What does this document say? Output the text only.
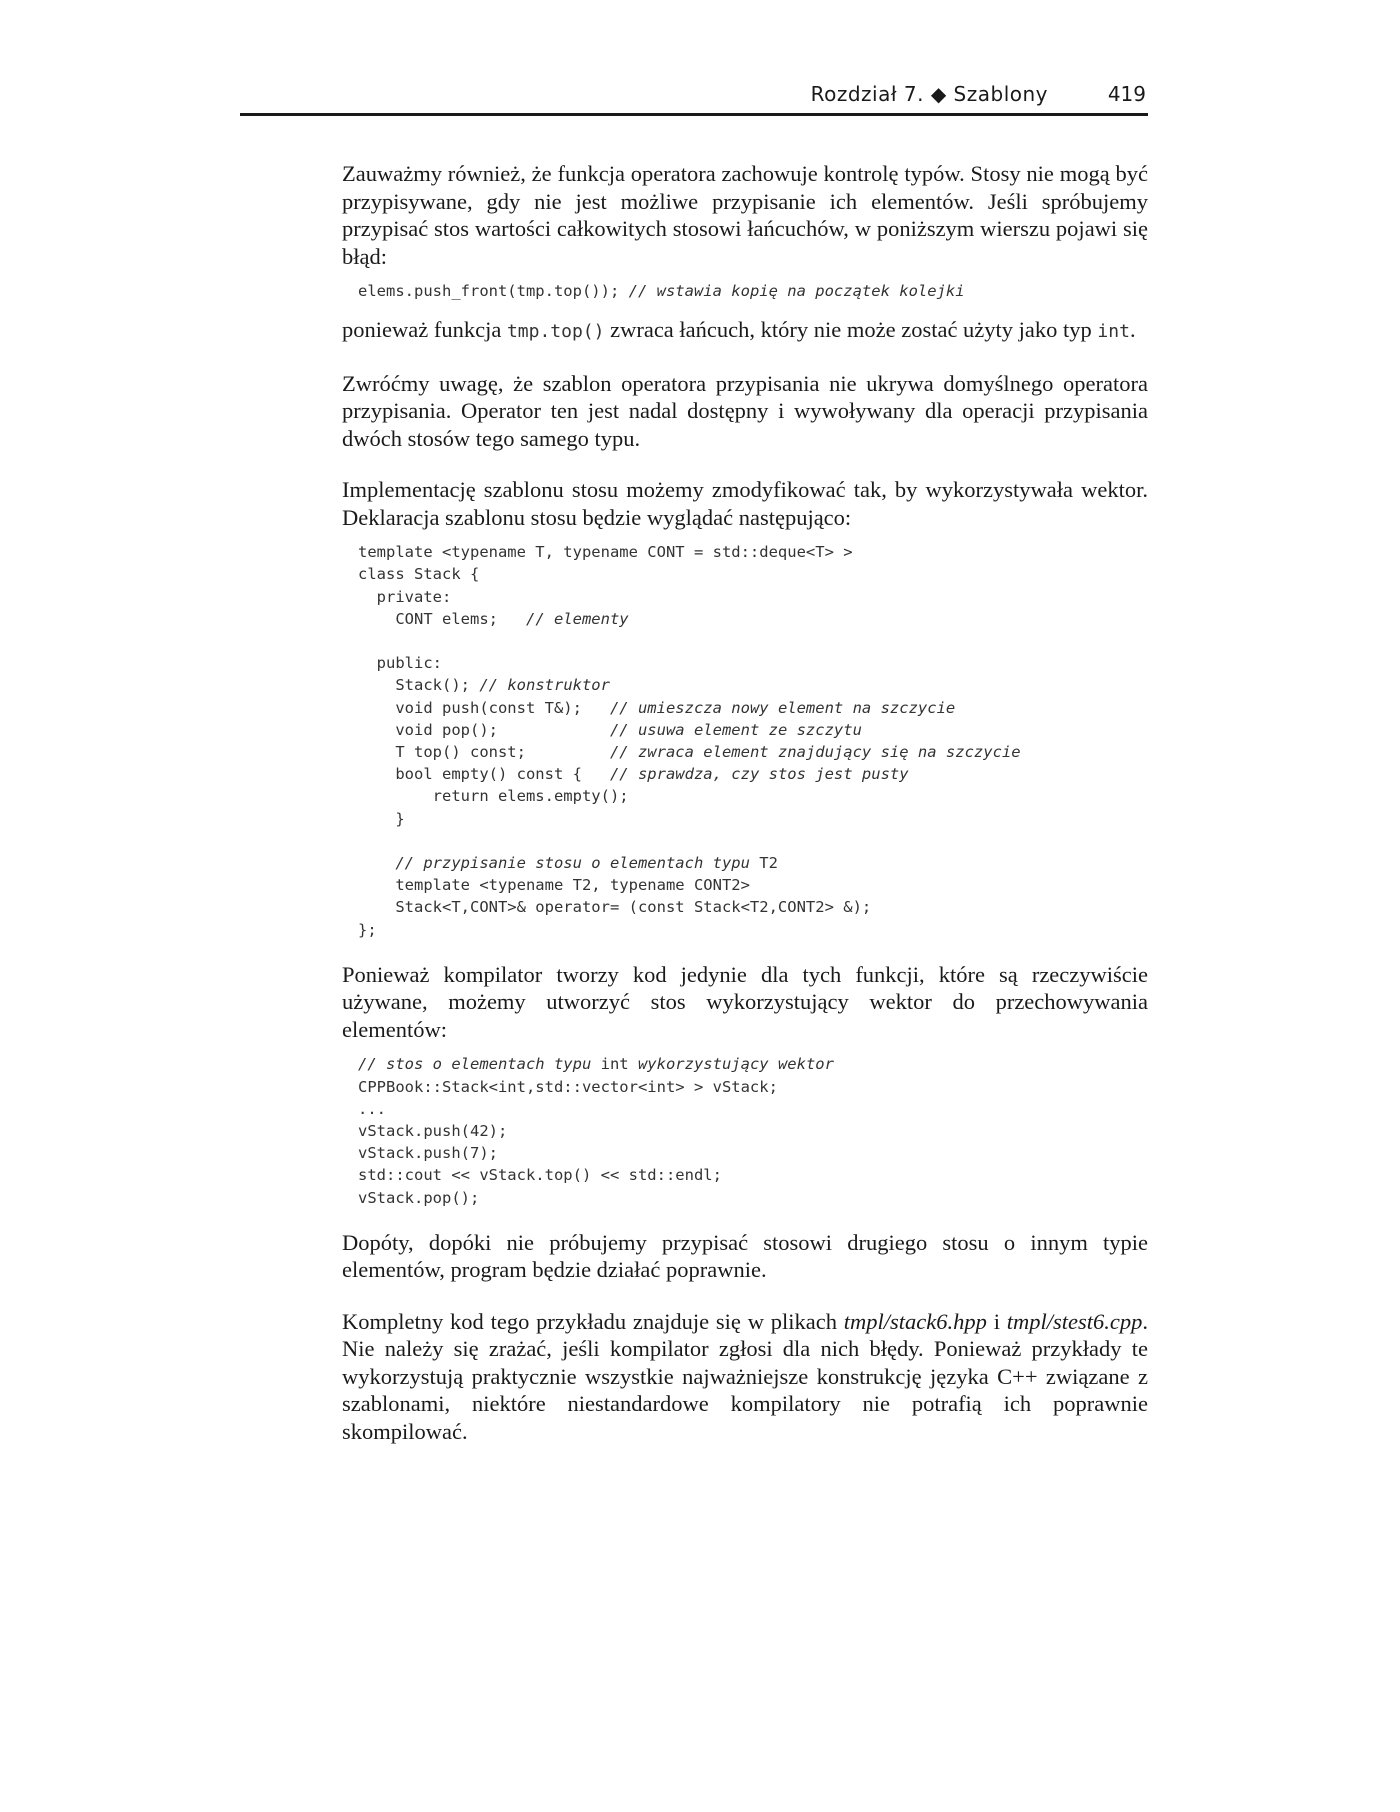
Rozdział 7. ◆ Szablony	419

Zauważmy również, że funkcja operatora zachowuje kontrolę typów. Stosy nie mogą być przypisywane, gdy nie jest możliwe przypisanie ich elementów. Jeśli spróbujemy przypisać stos wartości całkowitych stosowi łańcuchów, w poniższym wierszu pojawi się błąd:

elems.push_front(tmp.top()); // wstawia kopię na początek kolejki

ponieważ funkcja tmp.top() zwraca łańcuch, który nie może zostać użyty jako typ int.

Zwróćmy uwagę, że szablon operatora przypisania nie ukrywa domyślnego operatora przypisania. Operator ten jest nadal dostępny i wywoływany dla operacji przypisania dwóch stosów tego samego typu.

Implementację szablonu stosu możemy zmodyfikować tak, by wykorzystywała wektor. Deklaracja szablonu stosu będzie wyglądać następująco:

template <typename T, typename CONT = std::deque<T> >
class Stack {
private:
CONT elems;   // elementy

public:
Stack(); // konstruktor
void push(const T&);   // umieszcza nowy element na szczycie
void pop();            // usuwa element ze szczytu
T top() const;         // zwraca element znajdujący się na szczycie
bool empty() const {   // sprawdza, czy stos jest pusty
return elems.empty();
}

// przypisanie stosu o elementach typu T2
template <typename T2, typename CONT2>
Stack<T,CONT>& operator= (const Stack<T2,CONT2> &);
};

Ponieważ kompilator tworzy kod jedynie dla tych funkcji, które są rzeczywiście używane, możemy utworzyć stos wykorzystujący wektor do przechowywania elementów:

// stos o elementach typu int wykorzystujący wektor
CPPBook::Stack<int,std::vector<int> > vStack;
...
vStack.push(42);
vStack.push(7);
std::cout << vStack.top() << std::endl;
vStack.pop();

Dopóty, dopóki nie próbujemy przypisać stosowi drugiego stosu o innym typie elementów, program będzie działać poprawnie.

Kompletny kod tego przykładu znajduje się w plikach tmpl/stack6.hpp i tmpl/stest6.cpp. Nie należy się zrażać, jeśli kompilator zgłosi dla nich błędy. Ponieważ przykłady te wykorzystują praktycznie wszystkie najważniejsze konstrukcję języka C++ związane z szablonami, niektóre niestandardowe kompilatory nie potrafią ich poprawnie skompilować.
